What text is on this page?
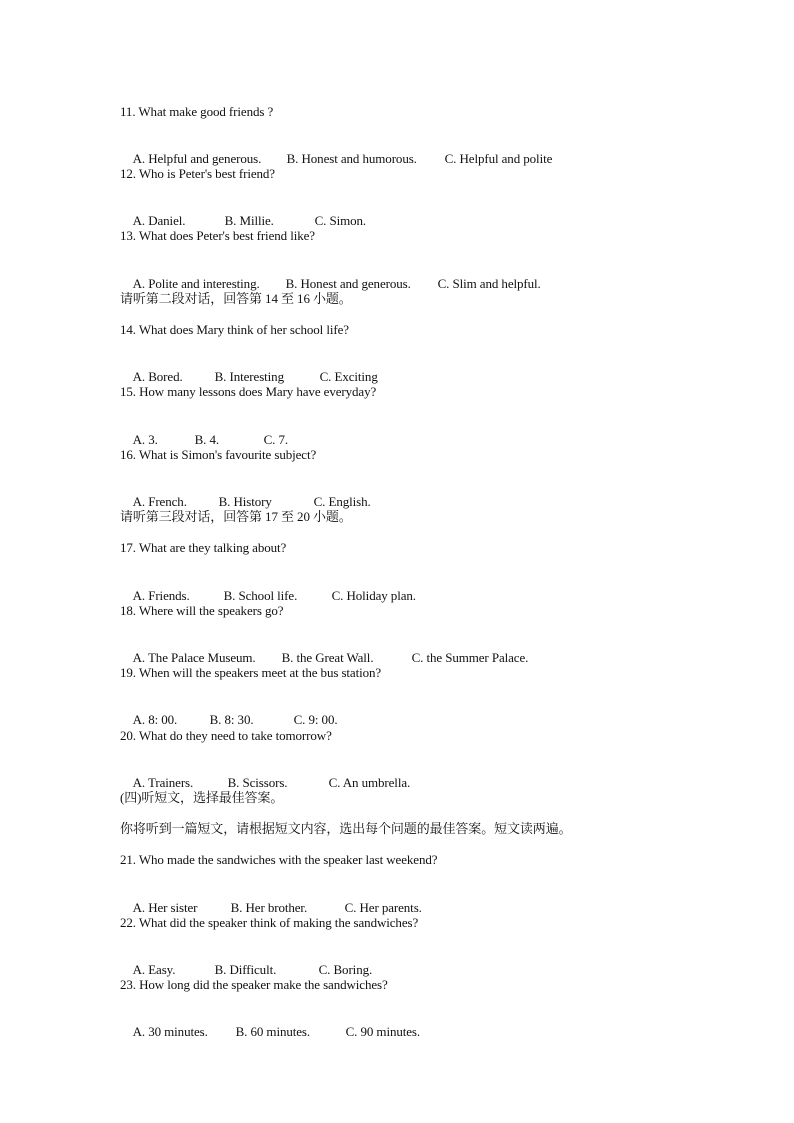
11. What make good friends ?

A. Helpful and generous. B. Honest and humorous. C. Helpful and polite

12. Who is Peter's best friend?

A. Daniel.	B. Millie.	C. Simon.

13. What does Peter's best friend like?

A. Polite and interesting. B. Honest and generous. C. Slim and helpful.

请听第二段对话，回答第 14 至 16 小题。
14. What does Mary think of her school life?

A. Bored. B. Interesting	C. Exciting

15. How many lessons does Mary have everyday?

A. 3.	B. 4.	C. 7.

16. What is Simon's favourite subject?

A. French. B. History	C. English.

请听第三段对话，回答第 17 至 20 小题。
17. What are they talking about?

A. Friends.	B. School life.	C. Holiday plan.

18. Where will the speakers go?

A. The Palace Museum. B. the Great Wall.	C. the Summer Palace.

19. When will the speakers meet at the bus station?

A. 8: 00. B. 8: 30.	C. 9: 00.

20. What do they need to take tomorrow?

A. Trainers.	B. Scissors.	C. An umbrella.

(四)听短文，选择最佳答案。
你将听到一篇短文，请根据短文内容，选出每个问题的最佳答案。短文读两遍。
21. Who made the sandwiches with the speaker last weekend?

A. Her sister	B. Her brother.	C. Her parents.

22. What did the speaker think of making the sandwiches?

A. Easy.	B. Difficult.	C. Boring.

23. How long did the speaker make the sandwiches?

A. 30 minutes. B. 60 minutes.	C. 90 minutes.
